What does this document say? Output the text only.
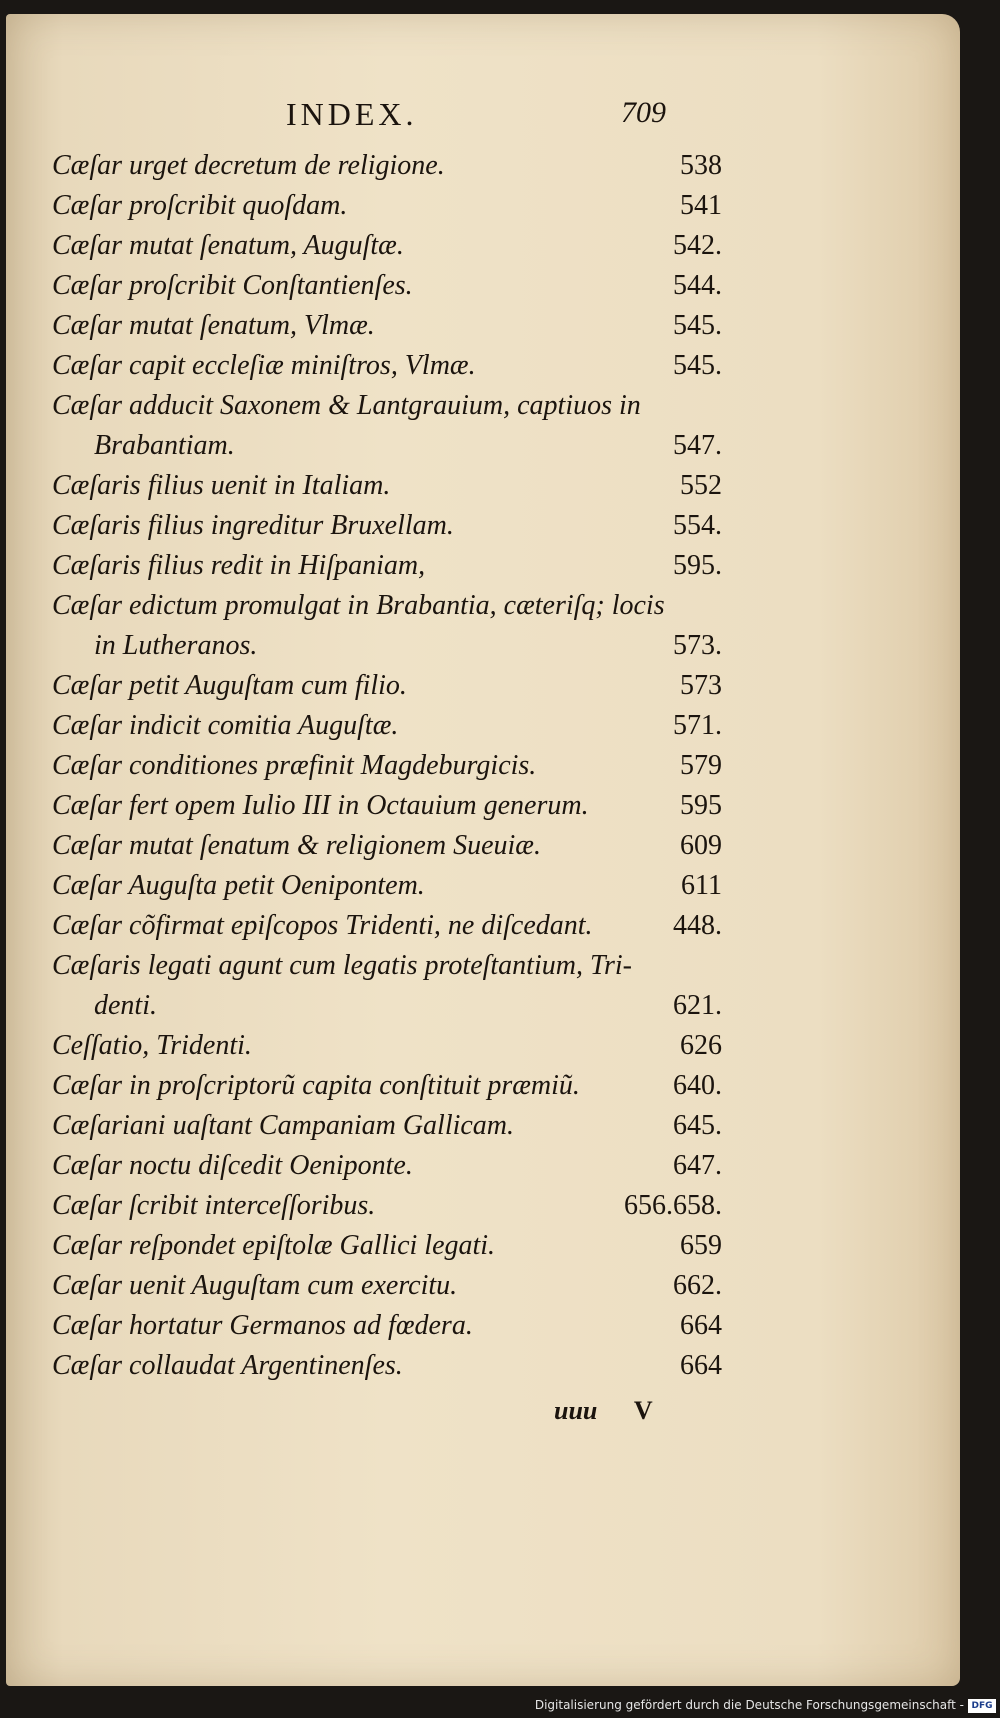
INDEX.	709
Cæſar urget decretum de religione.	538
Cæſar proſcribit quoſdam.	541
Cæſar mutat ſenatum, Auguſtæ.	542.
Cæſar proſcribit Conſtantienſes.	544.
Cæſar mutat ſenatum, Vlmæ.	545.
Cæſar capit eccleſiæ miniſtros, Vlmæ.	545.
Cæſar adducit Saxonem & Lantgrauium, captiuos in
Brabantiam.	547.
Cæſaris filius uenit in Italiam.	552
Cæſaris filius ingreditur Bruxellam.	554.
Cæſaris filius redit in Hiſpaniam,	595.
Cæſar edictum promulgat in Brabantia, cæteriſq; locis
in Lutheranos.	573.
Cæſar petit Auguſtam cum filio.	573
Cæſar indicit comitia Auguſtæ.	571.
Cæſar conditiones præfinit Magdeburgicis.	579
Cæſar fert opem Iulio III in Octauium generum.	595
Cæſar mutat ſenatum & religionem Sueuiæ.	609
Cæſar Auguſta petit Oenipontem.	611
Cæſar cõfirmat epiſcopos Tridenti, ne diſcedant.	448.
Cæſaris legati agunt cum legatis proteſtantium, Tri-
denti.	621.
Ceſſatio, Tridenti.	626
Cæſar in proſcriptorũ capita conſtituit præmiũ.	640.
Cæſariani uaſtant Campaniam Gallicam.	645.
Cæſar noctu diſcedit Oeniponte.	647.
Cæſar ſcribit interceſſoribus.	656.658.
Cæſar reſpondet epiſtolæ Gallici legati.	659
Cæſar uenit Auguſtam cum exercitu.	662.
Cæſar hortatur Germanos ad fœdera.	664
Cæſar collaudat Argentinenſes.	664
uuu V
Digitalisierung gefördert durch die Deutsche Forschungsgemeinschaft - DFG
